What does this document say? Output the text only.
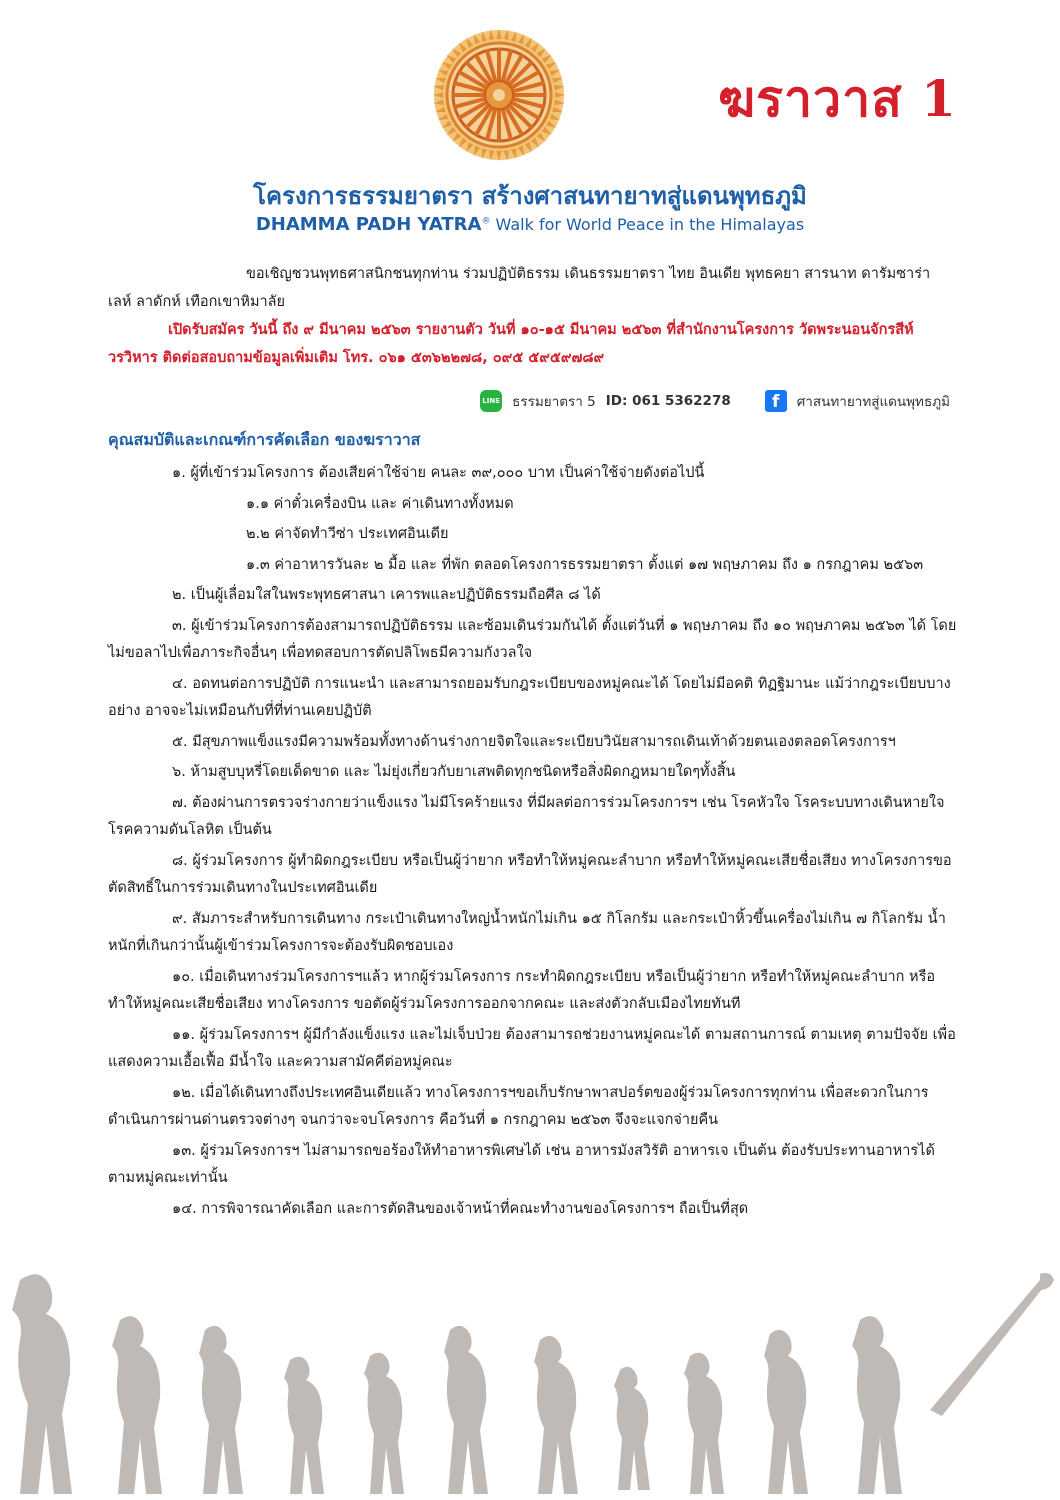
ฆราวาส 1
โครงการธรรมยาตรา สร้างศาสนทายาทสู่แดนพุทธภูมิ
DHAMMA PADH YATRA® Walk for World Peace in the Himalayas
ขอเชิญชวนพุทธศาสนิกชนทุกท่าน ร่วมปฏิบัติธรรม เดินธรรมยาตรา ไทย อินเดีย พุทธคยา สารนาท ดารัมซาร่า เลห์ ลาดักห์ เทือกเขาหิมาลัย
เปิดรับสมัคร วันนี้ ถึง ๙ มีนาคม ๒๕๖๓ รายงานตัว วันที่ ๑๐-๑๕ มีนาคม ๒๕๖๓ ที่สำนักงานโครงการ วัดพระนอนจักรสีห์ วรวิหาร ติดต่อสอบถามข้อมูลเพิ่มเติม โทร. ๐๖๑ ๕๓๖๒๒๗๘, ๐๙๕ ๕๙๕๙๗๘๙
LINE ธรรมยาตรา 5 ID: 061 5362278	f	ศาสนทายาทสู่แดนพุทธภูมิ
คุณสมบัติและเกณฑ์การคัดเลือก ของฆราวาส

๑. ผู้ที่เข้าร่วมโครงการ ต้องเสียค่าใช้จ่าย คนละ ๓๙,๐๐๐ บาท เป็นค่าใช้จ่ายดังต่อไปนี้

๑.๑ ค่าตั๋วเครื่องบิน และ ค่าเดินทางทั้งหมด

๒.๒ ค่าจัดทำวีซ่า ประเทศอินเดีย

๑.๓ ค่าอาหารวันละ ๒ มื้อ และ ที่พัก ตลอดโครงการธรรมยาตรา ตั้งแต่ ๑๗ พฤษภาคม ถึง ๑ กรกฎาคม ๒๕๖๓

๒. เป็นผู้เลื่อมใสในพระพุทธศาสนา เคารพและปฏิบัติธรรมถือศีล ๘ ได้

๓. ผู้เข้าร่วมโครงการต้องสามารถปฏิบัติธรรม และซ้อมเดินร่วมกันได้ ตั้งแต่วันที่ ๑ พฤษภาคม ถึง ๑๐ พฤษภาคม ๒๕๖๓ ได้ โดยไม่ขอลาไปเพื่อภาระกิจอื่นๆ เพื่อทดสอบการตัดปลิโพธมีความกังวลใจ

๔. อดทนต่อการปฏิบัติ การแนะนำ และสามารถยอมรับกฎระเบียบของหมู่คณะได้ โดยไม่มีอคติ ทิฏฐิมานะ แม้ว่ากฎระเบียบบางอย่าง อาจจะไม่เหมือนกับที่ที่ท่านเคยปฏิบัติ

๕. มีสุขภาพแข็งแรงมีความพร้อมทั้งทางด้านร่างกายจิตใจและระเบียบวินัยสามารถเดินเท้าด้วยตนเองตลอดโครงการฯ

๖. ห้ามสูบบุหรี่โดยเด็ดขาด และ ไม่ยุ่งเกี่ยวกับยาเสพติดทุกชนิดหรือสิ่งผิดกฎหมายใดๆทั้งสิ้น

๗. ต้องผ่านการตรวจร่างกายว่าแข็งแรง ไม่มีโรคร้ายแรง ที่มีผลต่อการร่วมโครงการฯ เช่น โรคหัวใจ โรคระบบทางเดินหายใจ โรคความดันโลหิต เป็นต้น

๘. ผู้ร่วมโครงการ ผู้ทำผิดกฎระเบียบ หรือเป็นผู้ว่ายาก หรือทำให้หมู่คณะลำบาก หรือทำให้หมู่คณะเสียชื่อเสียง ทางโครงการขอตัดสิทธิ์ในการร่วมเดินทางในประเทศอินเดีย

๙. สัมภาระสำหรับการเดินทาง กระเป๋าเดินทางใหญ่น้ำหนักไม่เกิน ๑๕ กิโลกรัม และกระเป๋าหิ้วขึ้นเครื่องไม่เกิน ๗ กิโลกรัม น้ำหนักที่เกินกว่านั้นผู้เข้าร่วมโครงการจะต้องรับผิดชอบเอง

๑๐. เมื่อเดินทางร่วมโครงการฯแล้ว หากผู้ร่วมโครงการ กระทำผิดกฎระเบียบ หรือเป็นผู้ว่ายาก หรือทำให้หมู่คณะลำบาก หรือทำให้หมู่คณะเสียชื่อเสียง ทางโครงการ ขอตัดผู้ร่วมโครงการออกจากคณะ และส่งตัวกลับเมืองไทยทันที

๑๑. ผู้ร่วมโครงการฯ ผู้มีกำลังแข็งแรง และไม่เจ็บป่วย ต้องสามารถช่วยงานหมู่คณะได้ ตามสถานการณ์ ตามเหตุ ตามปัจจัย เพื่อแสดงความเอื้อเฟื้อ มีน้ำใจ และความสามัคคีต่อหมู่คณะ

๑๒. เมื่อได้เดินทางถึงประเทศอินเดียแล้ว ทางโครงการฯขอเก็บรักษาพาสปอร์ตของผู้ร่วมโครงการทุกท่าน เพื่อสะดวกในการดำเนินการผ่านด่านตรวจต่างๆ จนกว่าจะจบโครงการ คือวันที่ ๑ กรกฎาคม ๒๕๖๓ จึงจะแจกจ่ายคืน

๑๓. ผู้ร่วมโครงการฯ ไม่สามารถขอร้องให้ทำอาหารพิเศษได้ เช่น อาหารมังสวิรัติ อาหารเจ เป็นต้น ต้องรับประทานอาหารได้ตามหมู่คณะเท่านั้น

๑๔. การพิจารณาคัดเลือก และการตัดสินของเจ้าหน้าที่คณะทำงานของโครงการฯ ถือเป็นที่สุด
